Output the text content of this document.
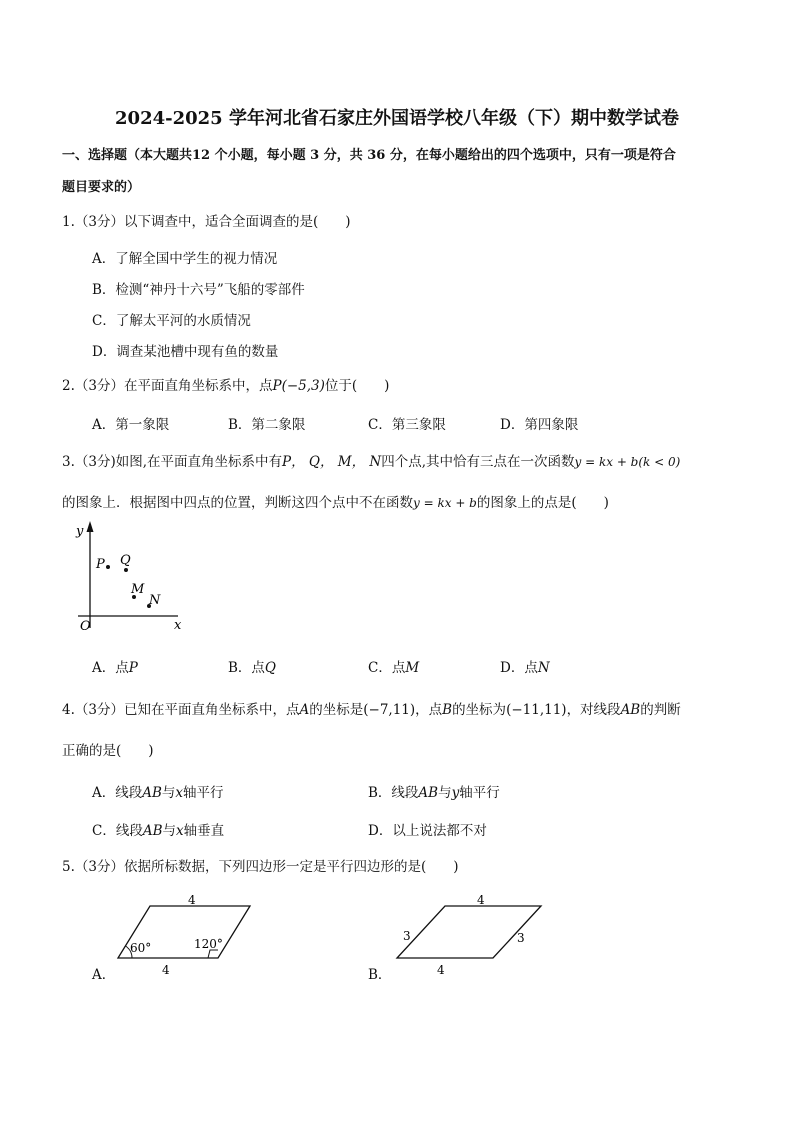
2024-2025 学年河北省石家庄外国语学校八年级（下）期中数学试卷
一、选择题（本大题共12 个小题，每小题 3 分，共 36 分，在每小题给出的四个选项中，只有一项是符合
题目要求的）
1.（3分）以下调查中，适合全面调查的是(　　)
A．了解全国中学生的视力情况
B．检测“神丹十六号”飞船的零部件
C．了解太平河的水质情况
D．调查某池槽中现有鱼的数量
2.（3分）在平面直角坐标系中，点P(−5,3)位于(　　)
A．第一象限	B．第二象限	C．第三象限	D．第四象限
3.（3分)如图,在平面直角坐标系中有P， Q， M， N四个点,其中恰有三点在一次函数y = kx + b(k < 0)
的图象上．根据图中四点的位置，判断这四个点中不在函数y = kx + b的图象上的点是(　　)
y
x
O
P Q
M
N
A．点P	B．点Q	C．点M	D．点N
4.（3分）已知在平面直角坐标系中，点A的坐标是(−7,11)，点B的坐标为(−11,11)，对线段AB的判断
正确的是(　　)
A．线段AB与x轴平行	B．线段AB与y轴平行
C．线段AB与x轴垂直	D．以上说法都不对
5.（3分）依据所标数据，下列四边形一定是平行四边形的是(　　)
A．
4
4
60°	120°
B．
4
4
3	3
